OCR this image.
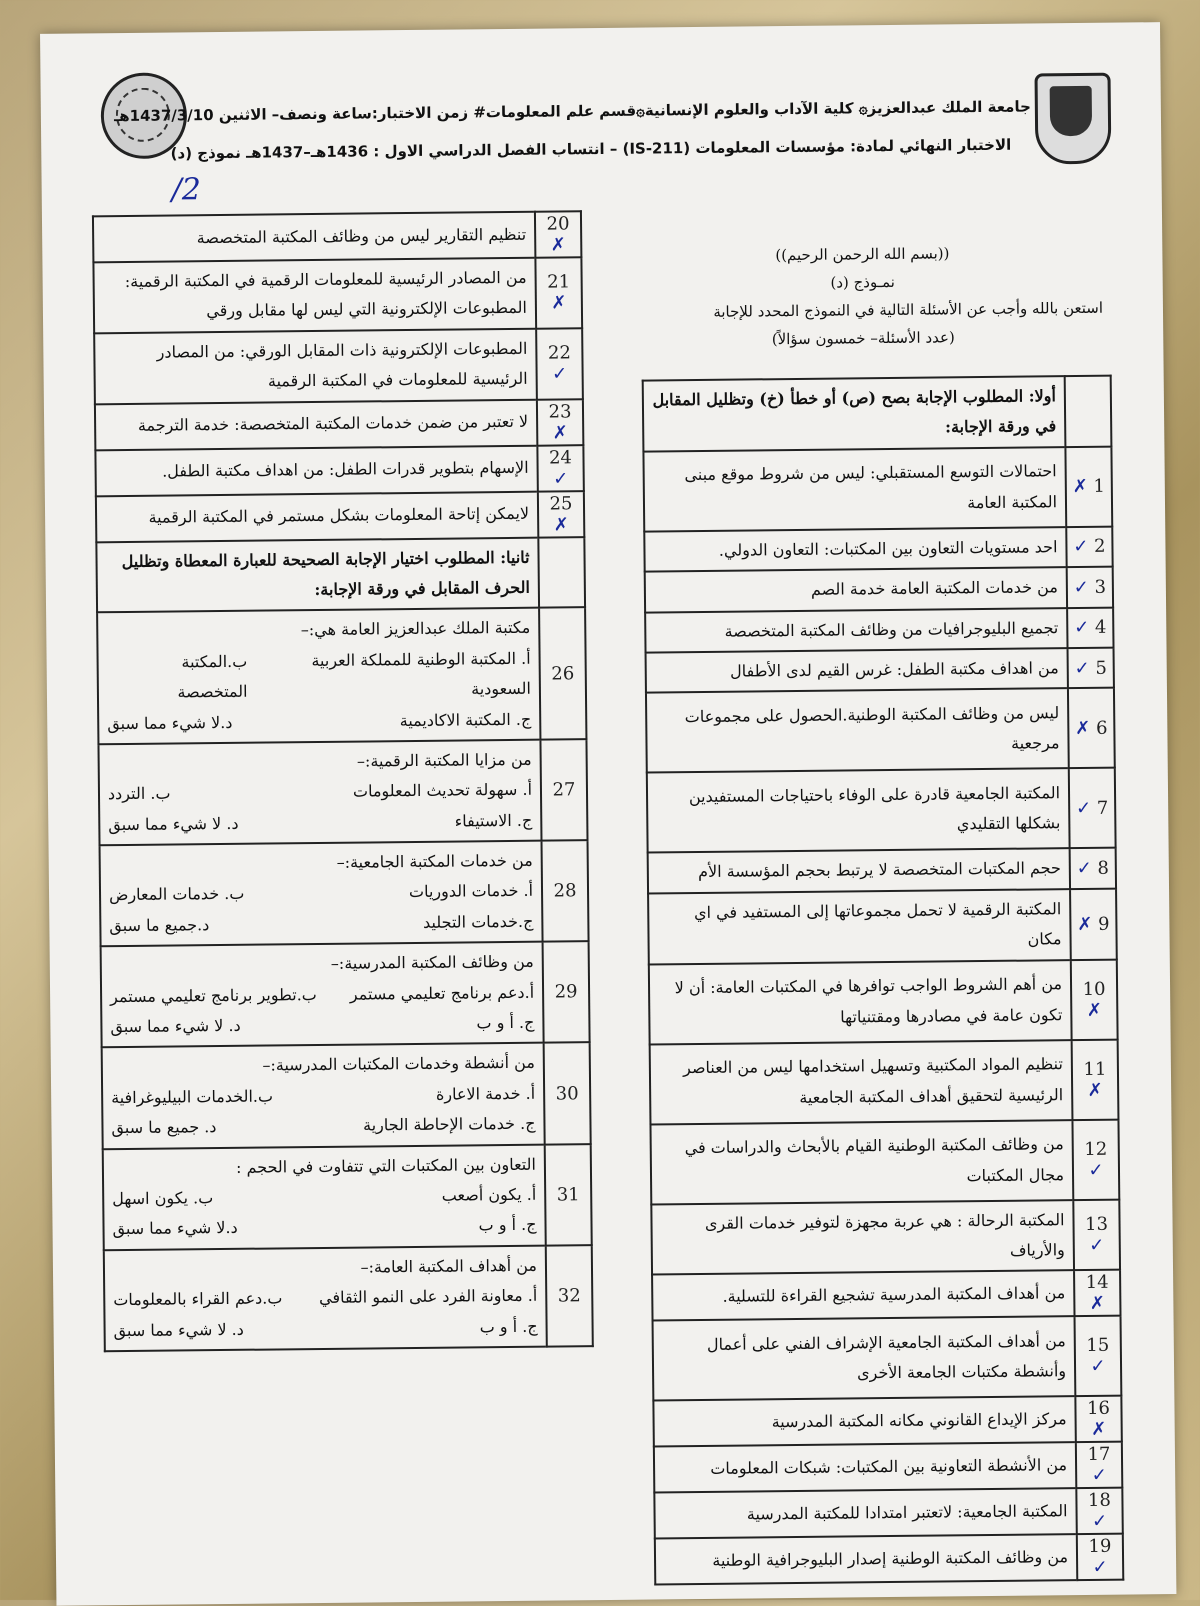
جامعة الملك عبدالعزيز۞ كلية الآداب والعلوم الإنسانية۞قسم علم المعلومات# زمن الاختبار:ساعة ونصف– الاثنين 1437/3/10هـ
الاختبار النهائي لمادة: مؤسسات المعلومات (IS-211) – انتساب الفصل الدراسي الاول : 1436هـ–1437هـ نموذج (د)
2/
((بسم الله الرحمن الرحيم))
نمـوذج (د)
استعن بالله وأجب عن الأسئلة التالية في النموذج المحدد للإجابة
(عدد الأسئلة– خمسون سؤالاً)
	أولا: المطلوب الإجابة بصح (ص) أو خطأ (خ) وتظليل المقابل في ورقة الإجابة:
1 ✗	احتمالات التوسع المستقبلي: ليس من شروط موقع مبنى المكتبة العامة
2 ✓	احد مستويات التعاون بين المكتبات: التعاون الدولي.
3 ✓	من خدمات المكتبة العامة خدمة الصم
4 ✓	تجميع البليوجرافيات من وظائف المكتبة المتخصصة
5 ✓	من اهداف مكتبة الطفل: غرس القيم لدى الأطفال
6 ✗	ليس من وظائف المكتبة الوطنية.الحصول على مجموعات مرجعية
7 ✓	المكتبة الجامعية قادرة على الوفاء باحتياجات المستفيدين بشكلها التقليدي
8 ✓	حجم المكتبات المتخصصة لا يرتبط بحجم المؤسسة الأم
9 ✗	المكتبة الرقمية لا تحمل مجموعاتها إلى المستفيد في اي مكان
10 ✗	من أهم الشروط الواجب توافرها في المكتبات العامة: أن لا تكون عامة في مصادرها ومقتنياتها
11 ✗	تنظيم المواد المكتبية وتسهيل استخدامها ليس من العناصر الرئيسية لتحقيق أهداف المكتبة الجامعية
12 ✓	من وظائف المكتبة الوطنية القيام بالأبحاث والدراسات في مجال المكتبات
13 ✓	المكتبة الرحالة : هي عربة مجهزة لتوفير خدمات القرى والأرياف
14 ✗	من أهداف المكتبة المدرسية تشجيع القراءة للتسلية.
15 ✓	من أهداف المكتبة الجامعية الإشراف الفني على أعمال وأنشطة مكتبات الجامعة الأخرى
16 ✗	مركز الإيداع القانوني مكانه المكتبة المدرسية
17 ✓	من الأنشطة التعاونية بين المكتبات: شبكات المعلومات
18 ✓	المكتبة الجامعية: لاتعتبر امتدادا للمكتبة المدرسية
19 ✓	من وظائف المكتبة الوطنية إصدار البليوجرافية الوطنية
20 ✗	تنظيم التقارير ليس من وظائف المكتبة المتخصصة
21 ✗	من المصادر الرئيسية للمعلومات الرقمية في المكتبة الرقمية: المطبوعات الإلكترونية التي ليس لها مقابل ورقي
22 ✓	المطبوعات الإلكترونية ذات المقابل الورقي: من المصادر الرئيسية للمعلومات في المكتبة الرقمية
23 ✗	لا تعتبر من ضمن خدمات المكتبة المتخصصة: خدمة الترجمة
24 ✓	الإسهام بتطوير قدرات الطفل: من اهداف مكتبة الطفل.
25 ✗	لايمكن إتاحة المعلومات بشكل مستمر في المكتبة الرقمية
	ثانيا: المطلوب اختيار الإجابة الصحيحة للعبارة المعطاة وتظليل الحرف المقابل في ورقة الإجابة:
26	مكتبة الملك عبدالعزيز العامة هي:–
أ. المكتبة الوطنية للمملكة العربية السعودية
ب.المكتبة المتخصصة
ج. المكتبة الاكاديمية
د.لا شيء مما سبق

27	من مزايا المكتبة الرقمية:–
أ. سهولة تحديث المعلومات
ب. التردد
ج. الاستيفاء
د. لا شيء مما سبق

28	من خدمات المكتبة الجامعية:–
أ. خدمات الدوريات
ب. خدمات المعارض
ج.خدمات التجليد
د.جميع ما سبق

29	من وظائف المكتبة المدرسية:–
أ.دعم برنامج تعليمي مستمر
ب.تطوير برنامج تعليمي مستمر
ج. أ و ب
د. لا شيء مما سبق

30	من أنشطة وخدمات المكتبات المدرسية:–
أ. خدمة الاعارة
ب.الخدمات البيليوغرافية
ج. خدمات الإحاطة الجارية
د. جميع ما سبق

31	التعاون بين المكتبات التي تتفاوت في الحجم :
أ. يكون أصعب
ب. يكون اسهل
ج. أ و ب
د.لا شيء مما سبق

32	من أهداف المكتبة العامة:–
أ. معاونة الفرد على النمو الثقافي
ب.دعم القراء بالمعلومات
ج. أ و ب
د. لا شيء مما سبق
